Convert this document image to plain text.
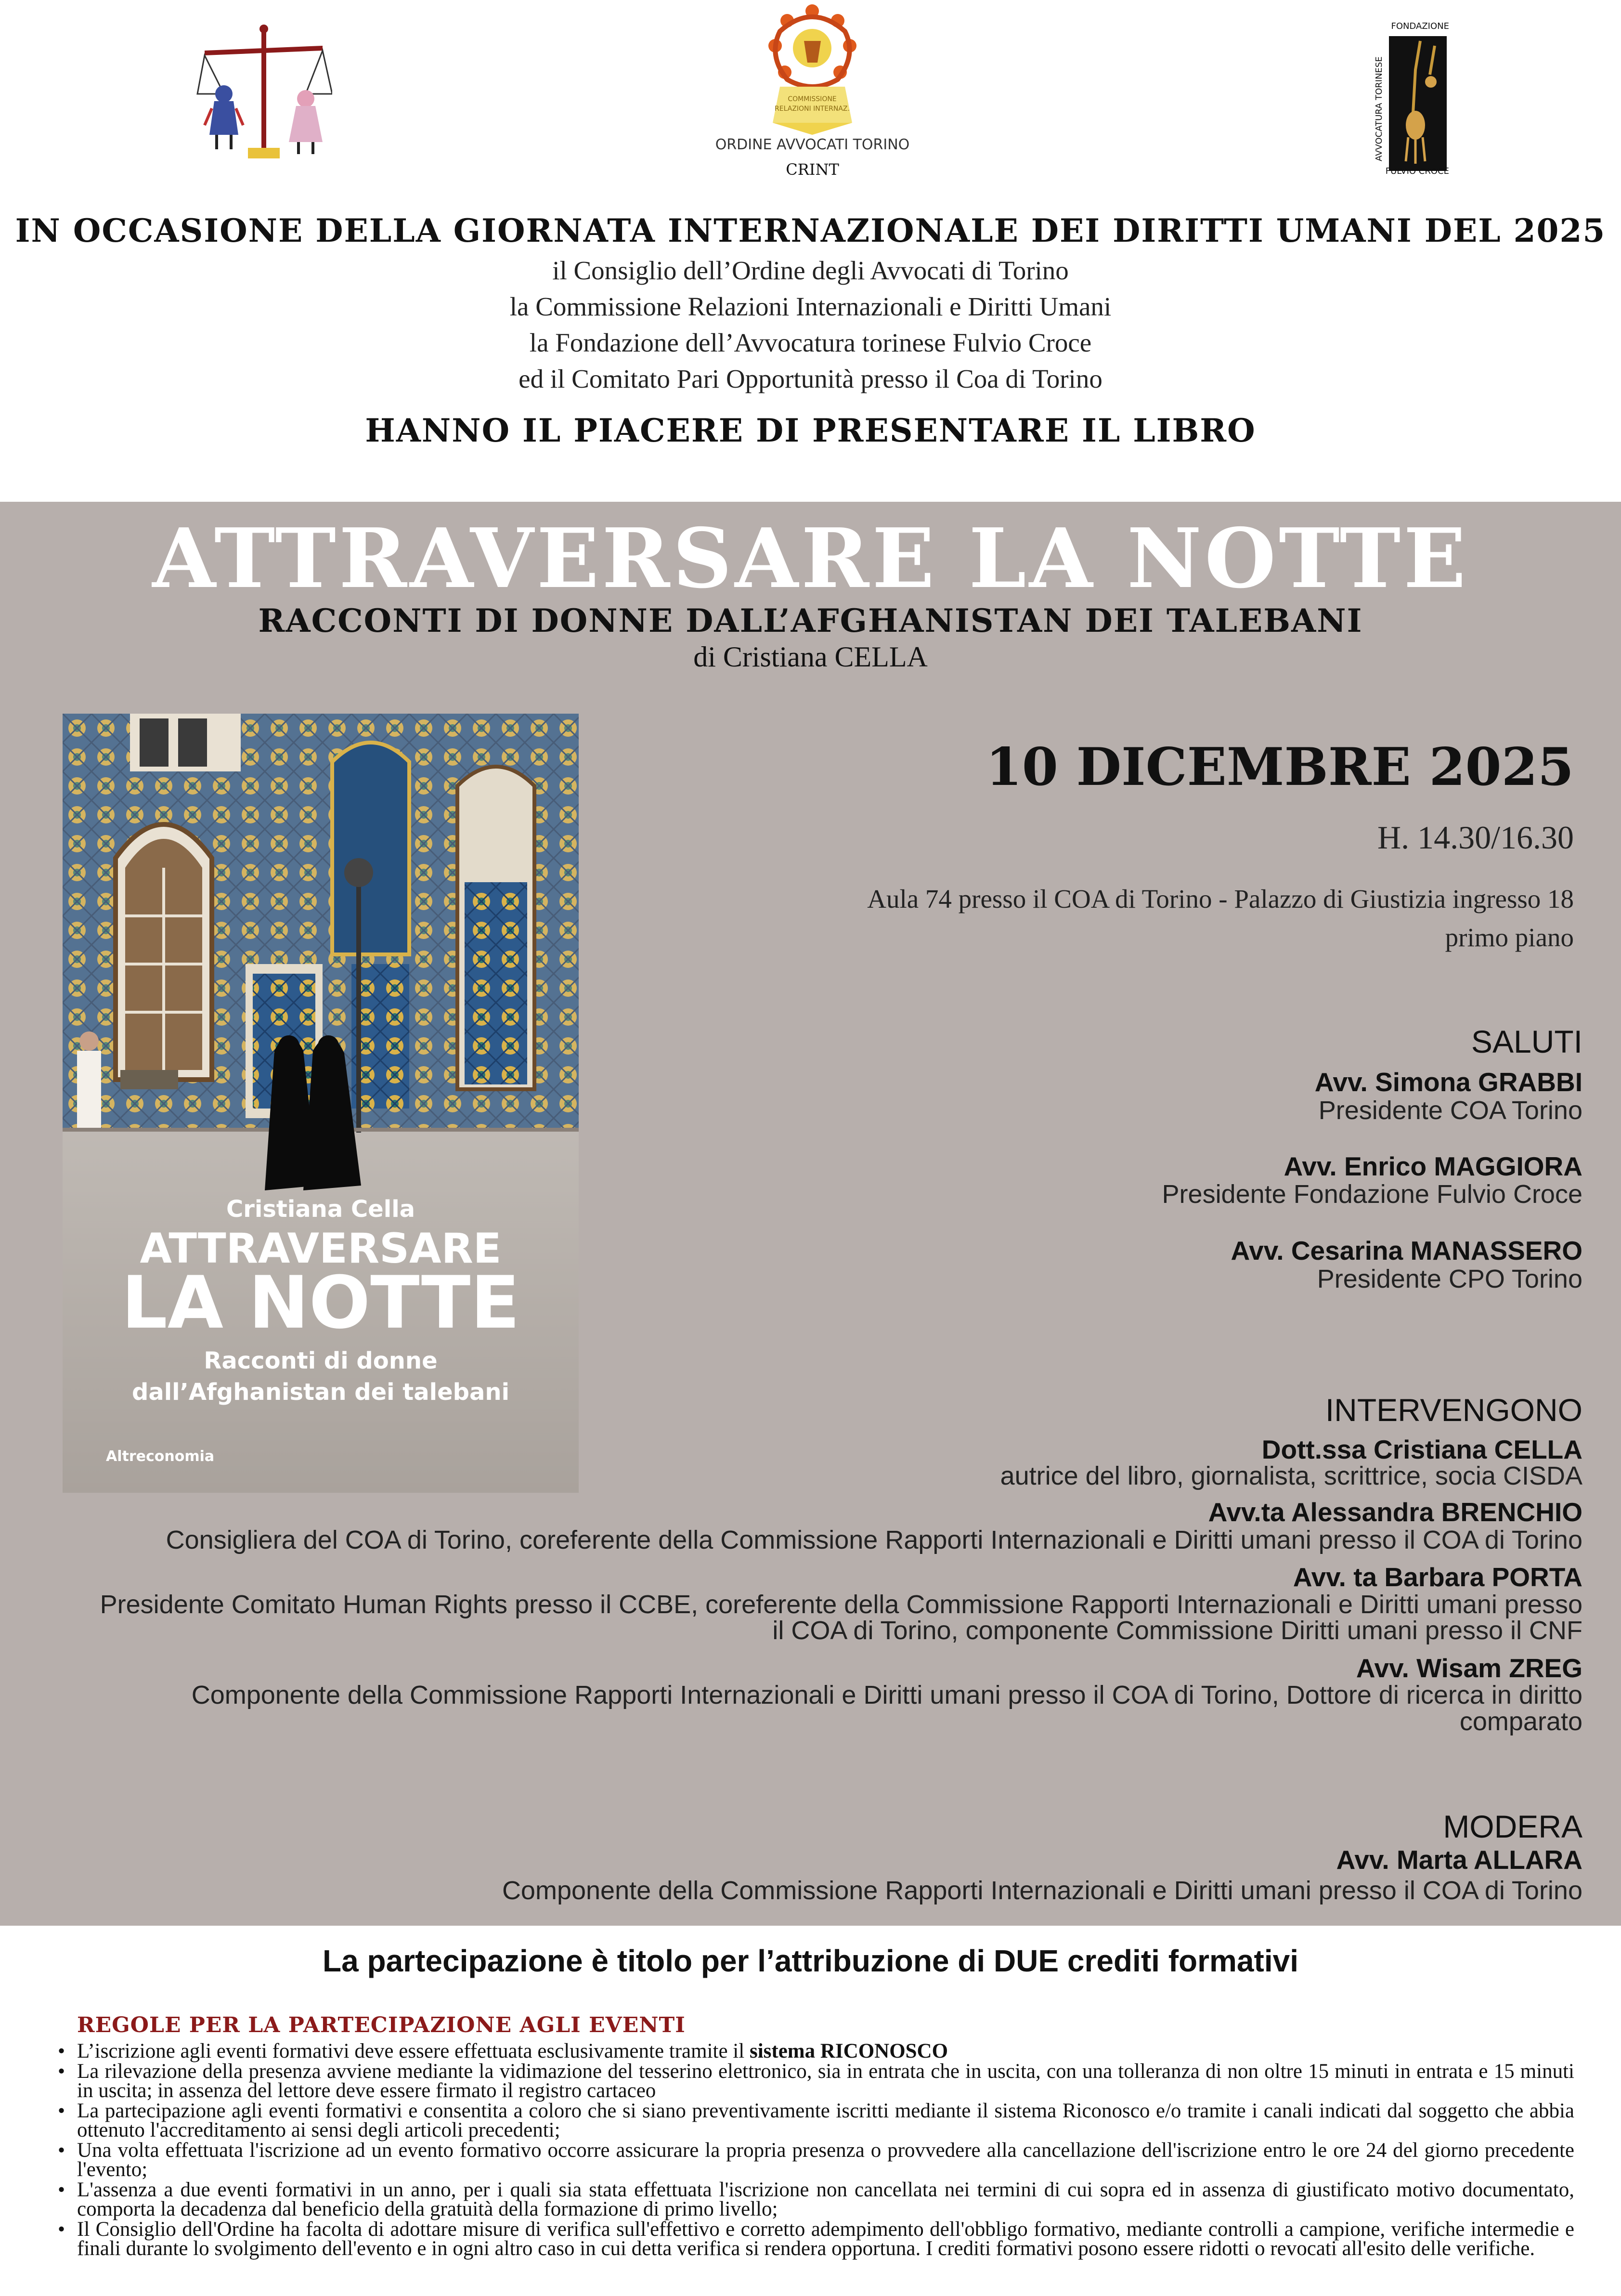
COMMISSIONE
RELAZIONI INTERNAZ.
ORDINE AVVOCATI TORINO
CRINT
FONDAZIONE
FULVIO CROCE
AVVOCATURA TORINESE
IN OCCASIONE DELLA GIORNATA INTERNAZIONALE DEI DIRITTI UMANI DEL 2025
il Consiglio dell’Ordine degli Avvocati di Torino
la Commissione Relazioni Internazionali e Diritti Umani
la Fondazione dell’Avvocatura torinese Fulvio Croce
ed il Comitato Pari Opportunità presso il Coa di Torino
HANNO IL PIACERE DI PRESENTARE IL LIBRO
ATTRAVERSARE LA NOTTE
RACCONTI DI DONNE DALL’AFGHANISTAN DEI TALEBANI
di Cristiana CELLA
Cristiana Cella
ATTRAVERSARE
LA NOTTE
Racconti di donne
dall’Afghanistan dei talebani
Altreconomia
10 DICEMBRE 2025
H. 14.30/16.30
Aula 74 presso il COA di Torino - Palazzo di Giustizia ingresso 18
primo piano
SALUTI
Avv. Simona GRABBI
Presidente COA Torino
Avv. Enrico MAGGIORA
Presidente Fondazione Fulvio Croce
Avv. Cesarina MANASSERO
Presidente CPO Torino
INTERVENGONO
Dott.ssa Cristiana CELLA
autrice del libro, giornalista, scrittrice, socia CISDA
Avv.ta Alessandra BRENCHIO
Consigliera del COA di Torino, coreferente della Commissione Rapporti Internazionali e Diritti umani presso il COA di Torino
Avv. ta Barbara PORTA
Presidente Comitato Human Rights presso il CCBE, coreferente della Commissione Rapporti Internazionali e Diritti umani presso
il COA di Torino, componente Commissione Diritti umani presso il CNF
Avv. Wisam ZREG
Componente della Commissione Rapporti Internazionali e Diritti umani presso il COA di Torino, Dottore di ricerca in diritto
comparato
MODERA
Avv. Marta ALLARA
Componente della Commissione Rapporti Internazionali e Diritti umani presso il COA di Torino
La partecipazione è titolo per l’attribuzione di DUE crediti formativi
REGOLE PER LA PARTECIPAZIONE AGLI EVENTI
• L’iscrizione agli eventi formativi deve essere effettuata esclusivamente tramite il sistema RICONOSCO
• La rilevazione della presenza avviene mediante la vidimazione del tesserino elettronico, sia in entrata che in uscita, con una tolleranza di non oltre 15 minuti in entrata e 15 minuti in uscita; in assenza del lettore deve essere firmato il registro cartaceo
• La partecipazione agli eventi formativi e consentita a coloro che si siano preventivamente iscritti mediante il sistema Riconosco e/o tramite i canali indicati dal soggetto che abbia ottenuto l'accreditamento ai sensi degli articoli precedenti;
• Una volta effettuata l'iscrizione ad un evento formativo occorre assicurare la propria presenza o provvedere alla cancellazione dell'iscrizione entro le ore 24 del giorno precedente l'evento;
• L'assenza a due eventi formativi in un anno, per i quali sia stata effettuata l'iscrizione non cancellata nei termini di cui sopra ed in assenza di giustificato motivo documentato, comporta la decadenza dal beneficio della gratuità della formazione di primo livello;
• Il Consiglio dell'Ordine ha facolta di adottare misure di verifica sull'effettivo e corretto adempimento dell'obbligo formativo, mediante controlli a campione, verifiche intermedie e finali durante lo svolgimento dell'evento e in ogni altro caso in cui detta verifica si rendera opportuna. I crediti formativi posono essere ridotti o revocati all'esito delle verifiche.
